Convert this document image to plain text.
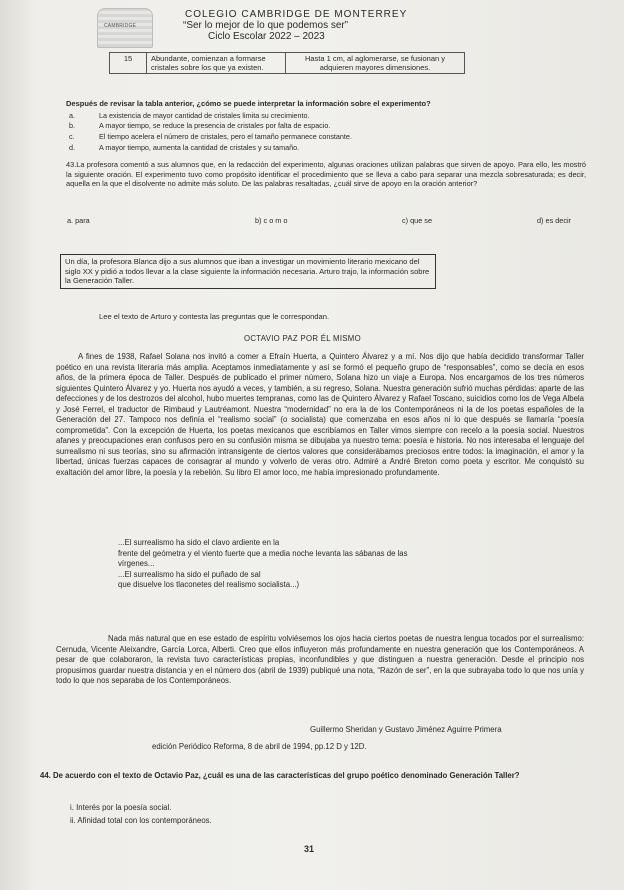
CAMBRIDGE
COLEGIO CAMBRIDGE DE MONTERREY
“Ser lo mejor de lo que podemos ser”
Ciclo Escolar 2022 – 2023
15	Abundante, comienzan a formarse cristales sobre los que ya existen.	Hasta 1 cm, al aglomerarse, se fusionan y adquieren mayores dimensiones.
Después de revisar la tabla anterior, ¿cómo se puede interpretar la información sobre el experimento?
a.	La existencia de mayor cantidad de cristales limita su crecimiento.
b.	A mayor tiempo, se reduce la presencia de cristales por falta de espacio.
c.	El tiempo acelera el número de cristales, pero el tamaño permanece constante.
d.	A mayor tiempo, aumenta la cantidad de cristales y su tamaño.
43.La profesora comentó a sus alumnos que, en la redacción del experimento, algunas oraciones utilizan palabras que sirven de apoyo. Para ello, les mostró la siguiente oración. El experimento tuvo como propósito identificar el procedimiento que se lleva a cabo para separar una mezcla sobresaturada; es decir, aquella en la que el disolvente no admite más soluto. De las palabras resaltadas, ¿cuál sirve de apoyo en la oración anterior?
a. para	b) c o m o	c) que se	d) es decir
Un día, la profesora Blanca dijo a sus alumnos que iban a investigar un movimiento literario mexicano del siglo XX y pidió a todos llevar a la clase siguiente la información necesaria. Arturo trajo, la información sobre la Generación Taller.
Lee el texto de Arturo y contesta las preguntas que le correspondan.
OCTAVIO PAZ POR ÉL MISMO

A fines de 1938, Rafael Solana nos invitó a comer a Efraín Huerta, a Quintero Álvarez y a mí. Nos dijo que había decidido transformar Taller poético en una revista literaria más amplia. Aceptamos inmediatamente y así se formó el pequeño grupo de “responsables”, como se decía en esos años, de la primera época de Taller. Después de publicado el primer número, Solana hizo un viaje a Europa. Nos encargamos de los tres números siguientes Quintero Álvarez y yo. Huerta nos ayudó a veces, y también, a su regreso, Solana. Nuestra generación sufrió muchas pérdidas: aparte de las defecciones y de los destrozos del alcohol, hubo muertes tempranas, como las de Quintero Álvarez y Rafael Toscano, suicidios como los de Vega Albela y José Ferrel, el traductor de Rimbaud y Lautréamont. Nuestra “modernidad” no era la de los Contemporáneos ni la de los poetas españoles de la Generación del 27. Tampoco nos definía el “realismo social” (o socialista) que comenzaba en esos años ni lo que después se llamaría “poesía comprometida”. Con la excepción de Huerta, los poetas mexicanos que escribíamos en Taller vimos siempre con recelo a la poesía social. Nuestros afanes y preocupaciones eran confusos pero en su confusión misma se dibujaba ya nuestro tema: poesía e historia. No nos interesaba el lenguaje del surrealismo ni sus teorías, sino su afirmación intransigente de ciertos valores que considerábamos preciosos entre todos: la imaginación, el amor y la libertad, únicas fuerzas capaces de consagrar al mundo y volverlo de veras otro. Admiré a André Breton como poeta y escritor. Me conquistó su exaltación del amor libre, la poesía y la rebelión. Su libro El amor loco, me había impresionado profundamente.

...El surrealismo ha sido el clavo ardiente en la
frente del geómetra y el viento fuerte que a media noche levanta las sábanas de las
vírgenes...
...El surrealismo ha sido el puñado de sal
que disuelve los tlaconetes del realismo socialista...)

Nada más natural que en ese estado de espíritu volviésemos los ojos hacia ciertos poetas de nuestra lengua tocados por el surrealismo: Cernuda, Vicente Aleixandre, García Lorca, Alberti. Creo que ellos influyeron más profundamente en nuestra generación que los Contemporáneos. A pesar de que colaboraron, la revista tuvo características propias, inconfundibles y que distinguen a nuestra generación. Desde el principio nos propusimos guardar nuestra distancia y en el número dos (abril de 1939) publiqué una nota, “Razón de ser”, en la que subrayaba todo lo que nos unía y todo lo que nos separaba de los Contemporáneos.

Guillermo Sheridan y Gustavo Jiménez Aguirre Primera
edición Periódico Reforma, 8 de abril de 1994, pp.12 D y 12D.
44. De acuerdo con el texto de Octavio Paz, ¿cuál es una de las características del grupo poético denominado Generación Taller?
i. Interés por la poesía social.
ii. Afinidad total con los contemporáneos.
31
